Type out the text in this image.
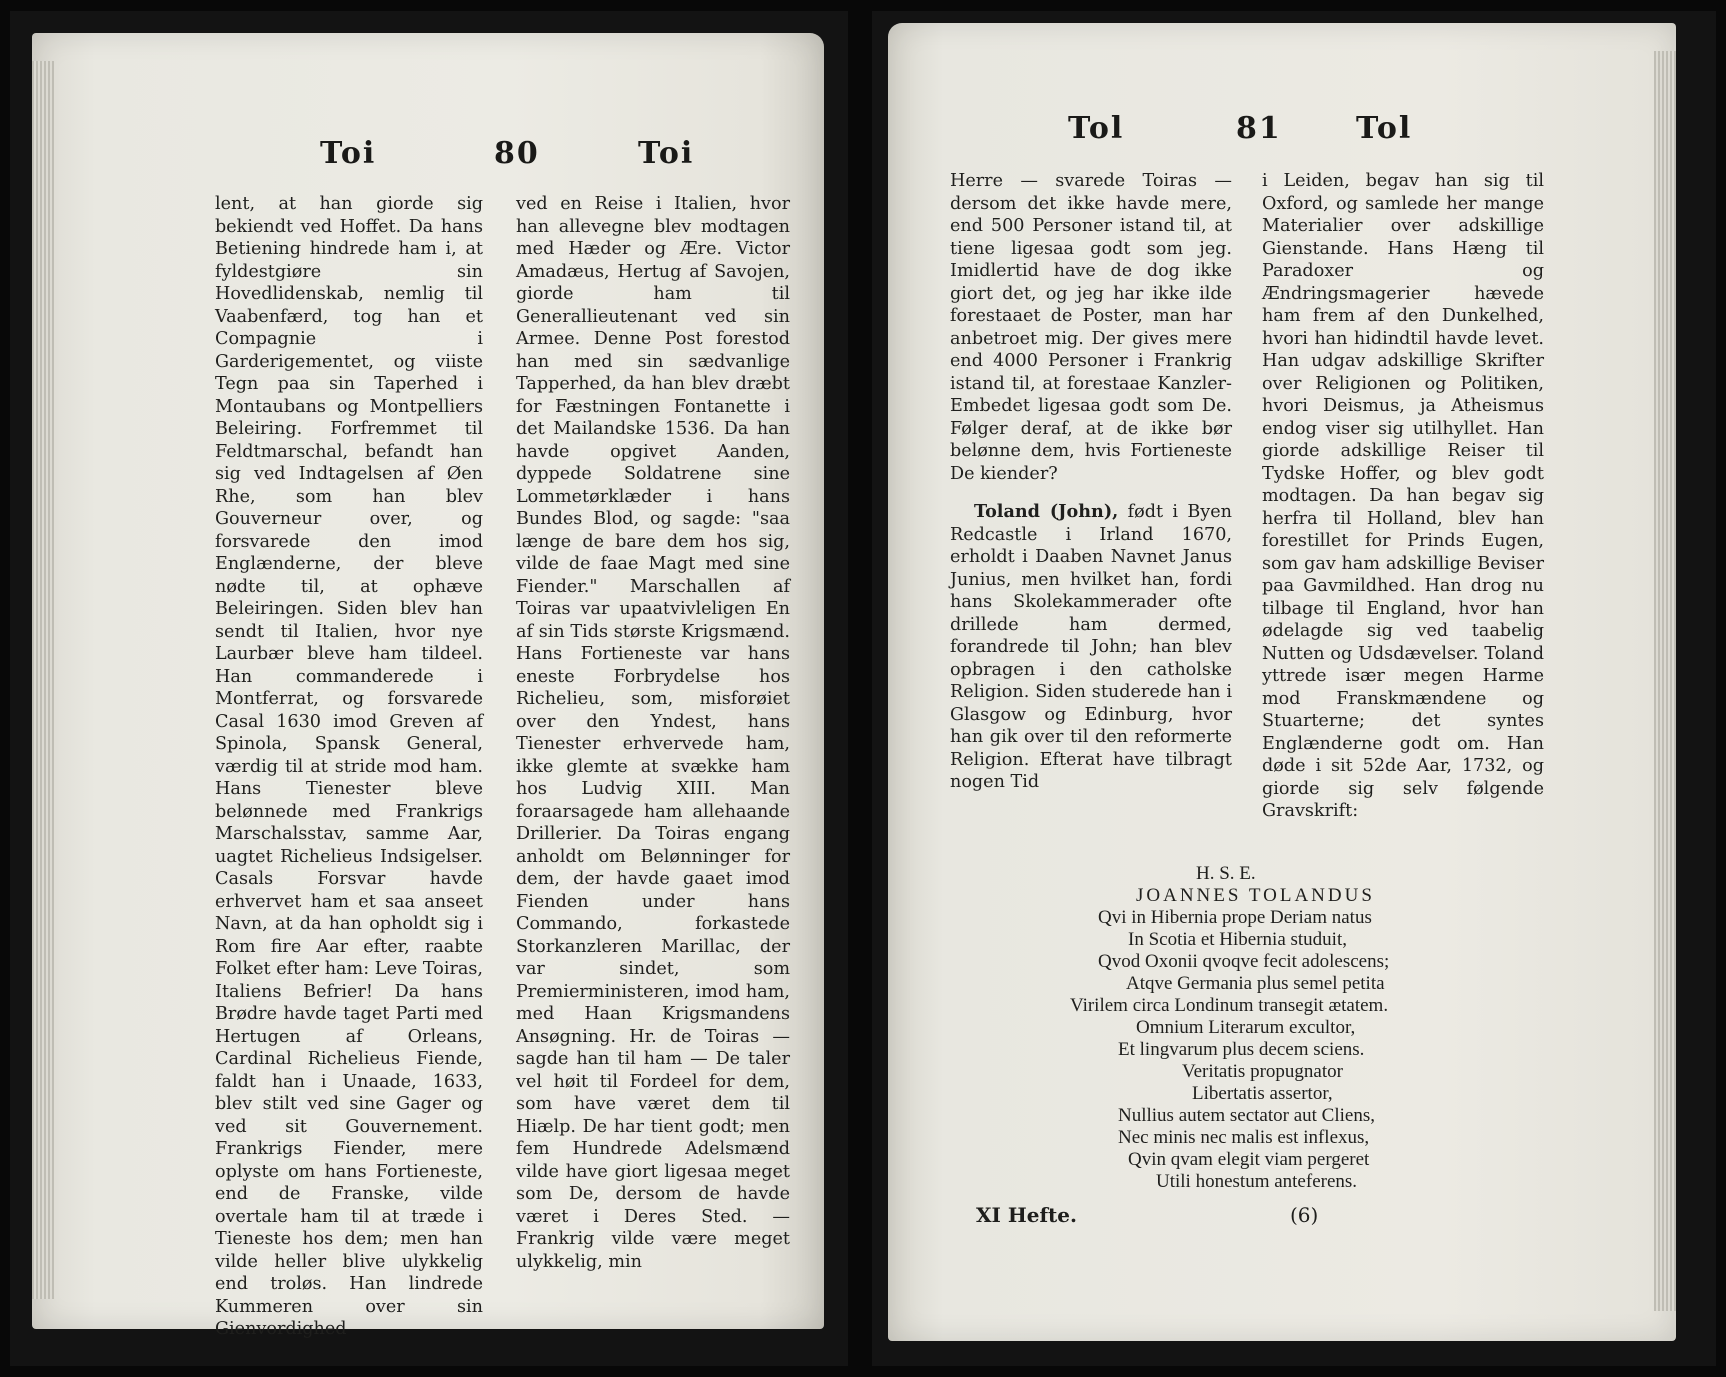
Toi	80	Toi

lent, at han giorde sig bekiendt ved Hoffet. Da hans Betiening hindrede ham i, at fyldestgiøre sin Hovedlidenskab, nemlig til Vaabenfærd, tog han et Compagnie i Garderigementet, og viiste Tegn paa sin Taperhed i Montaubans og Montpelliers Beleiring. Forfremmet til Feldtmarschal, befandt han sig ved Indtagelsen af Øen Rhe, som han blev Gouverneur over, og forsvarede den imod Englænderne, der bleve nødte til, at ophæve Beleiringen. Siden blev han sendt til Italien, hvor nye Laurbær bleve ham tildeel. Han commanderede i Montferrat, og forsvarede Casal 1630 imod Greven af Spinola, Spansk General, værdig til at stride mod ham. Hans Tienester bleve belønnede med Frankrigs Marschalsstav, samme Aar, uagtet Richelieus Indsigelser. Casals Forsvar havde erhvervet ham et saa anseet Navn, at da han opholdt sig i Rom fire Aar efter, raabte Folket efter ham: Leve Toiras, Italiens Befrier! Da hans Brødre havde taget Parti med Hertugen af Orleans, Cardinal Richelieus Fiende, faldt han i Unaade, 1633, blev stilt ved sine Gager og ved sit Gouvernement. Frankrigs Fiender, mere oplyste om hans Fortieneste, end de Franske, vilde overtale ham til at træde i Tieneste hos dem; men han vilde heller blive ulykkelig end troløs. Han lindrede Kummeren over sin Gienvordighed

ved en Reise i Italien, hvor han allevegne blev modtagen med Hæder og Ære. Victor Amadæus, Hertug af Savojen, giorde ham til Generallieutenant ved sin Armee. Denne Post forestod han med sin sædvanlige Tapperhed, da han blev dræbt for Fæstningen Fontanette i det Mailandske 1536. Da han havde opgivet Aanden, dyppede Soldatrene sine Lommetørklæder i hans Bundes Blod, og sagde: "saa længe de bare dem hos sig, vilde de faae Magt med sine Fiender." Marschallen af Toiras var upaatvivleligen En af sin Tids største Krigsmænd. Hans Fortieneste var hans eneste Forbrydelse hos Richelieu, som, misforøiet over den Yndest, hans Tienester erhvervede ham, ikke glemte at svække ham hos Ludvig XIII. Man foraarsagede ham allehaande Drillerier. Da Toiras engang anholdt om Belønninger for dem, der havde gaaet imod Fienden under hans Commando, forkastede Storkanzleren Marillac, der var sindet, som Premierministeren, imod ham, med Haan Krigsmandens Ansøgning. Hr. de Toiras — sagde han til ham — De taler vel høit til Fordeel for dem, som have været dem til Hiælp. De har tient godt; men fem Hundrede Adelsmænd vilde have giort ligesaa meget som De, dersom de havde været i Deres Sted. — Frankrig vilde være meget ulykkelig, min

Tol	81 Tol

Herre — svarede Toiras — dersom det ikke havde mere, end 500 Personer istand til, at tiene ligesaa godt som jeg. Imidlertid have de dog ikke giort det, og jeg har ikke ilde forestaaet de Poster, man har anbetroet mig. Der gives mere end 4000 Personer i Frankrig istand til, at forestaae Kanzler-Embedet ligesaa godt som De. Følger deraf, at de ikke bør belønne dem, hvis Fortieneste De kiender?

Toland (John), født i Byen Redcastle i Irland 1670, erholdt i Daaben Navnet Janus Junius, men hvilket han, fordi hans Skolekammerader ofte drillede ham dermed, forandrede til John; han blev opbragen i den catholske Religion. Siden studerede han i Glasgow og Edinburg, hvor han gik over til den reformerte Religion. Efterat have tilbragt nogen Tid

i Leiden, begav han sig til Oxford, og samlede her mange Materialier over adskillige Gienstande. Hans Hæng til Paradoxer og Ændringsmagerier hævede ham frem af den Dunkelhed, hvori han hidindtil havde levet. Han udgav adskillige Skrifter over Religionen og Politiken, hvori Deismus, ja Atheismus endog viser sig utilhyllet. Han giorde adskillige Reiser til Tydske Hoffer, og blev godt modtagen. Da han begav sig herfra til Holland, blev han forestillet for Prinds Eugen, som gav ham adskillige Beviser paa Gavmildhed. Han drog nu tilbage til England, hvor han ødelagde sig ved taabelig Nutten og Udsdævelser. Toland yttrede især megen Harme mod Franskmændene og Stuarterne; det syntes Englænderne godt om. Han døde i sit 52de Aar, 1732, og giorde sig selv følgende Gravskrift:

H. S. E.
JOANNES TOLANDUS
Qvi in Hibernia prope Deriam natus
In Scotia et Hibernia studuit,
Qvod Oxonii qvoqve fecit adolescens;
Atqve Germania plus semel petita
Virilem circa Londinum transegit ætatem.
Omnium Literarum excultor,
Et lingvarum plus decem sciens.
Veritatis propugnator
Libertatis assertor,
Nullius autem sectator aut Cliens,
Nec minis nec malis est inflexus,
Qvin qvam elegit viam pergeret
Utili honestum anteferens.
XI Hefte.	(6)
